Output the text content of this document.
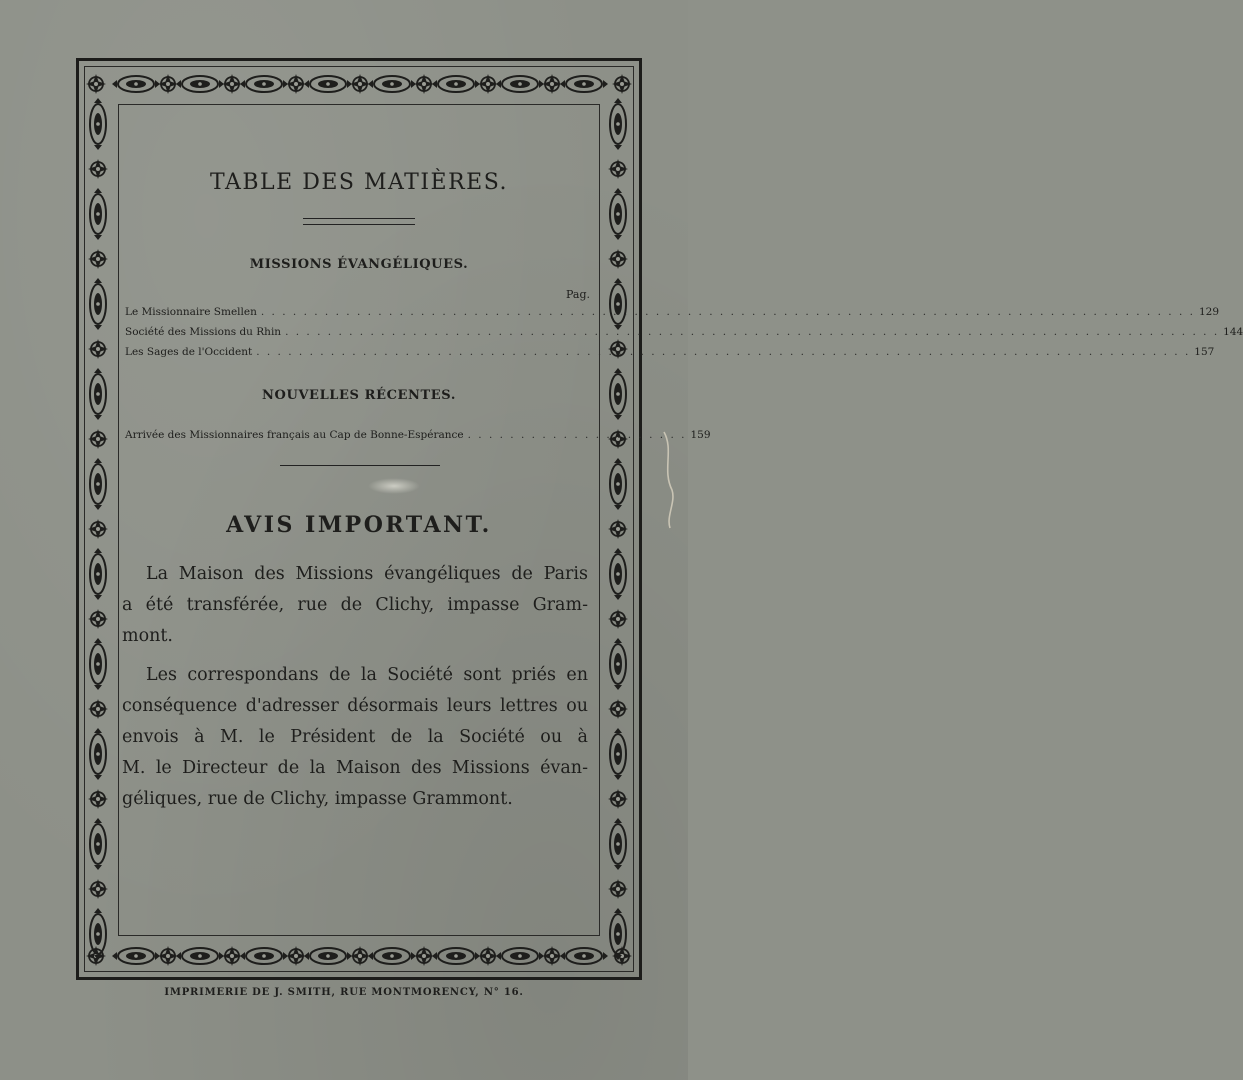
TABLE DES MATIÈRES.
MISSIONS ÉVANGÉLIQUES.
Pag.
Le Missionnaire Smellen . . . . . . . . . . . . . . . . . . . . . . . . . . . . . . . . . . . . . . . . . . . . . . . . . . . . . . . . . . . . . . . . . . . . . . . . . . . . . . . . . . . . . . . . 129
Société des Missions du Rhin . . . . . . . . . . . . . . . . . . . . . . . . . . . . . . . . . . . . . . . . . . . . . . . . . . . . . . . . . . . . . . . . . . . . . . . . . . . . . . . . . . . . . . . . 144
Les Sages de l'Occident . . . . . . . . . . . . . . . . . . . . . . . . . . . . . . . . . . . . . . . . . . . . . . . . . . . . . . . . . . . . . . . . . . . . . . . . . . . . . . . . . . . . . . . . 157
NOUVELLES RÉCENTES.
Arrivée des Missionnaires français au Cap de Bonne-Espérance . . . . . . . . . . . . . . . . . . . . . 159
AVIS IMPORTANT.

La Maison des Missions évangéliques de Paris
a été transférée, rue de Clichy, impasse Gram-
mont.

Les correspondans de la Société sont priés en
conséquence d'adresser désormais leurs lettres ou
envois à M. le Président de la Société ou à
M. le Directeur de la Maison des Missions évan-
géliques, rue de Clichy, impasse Grammont.

IMPRIMERIE DE J. SMITH, RUE MONTMORENCY, N° 16.
